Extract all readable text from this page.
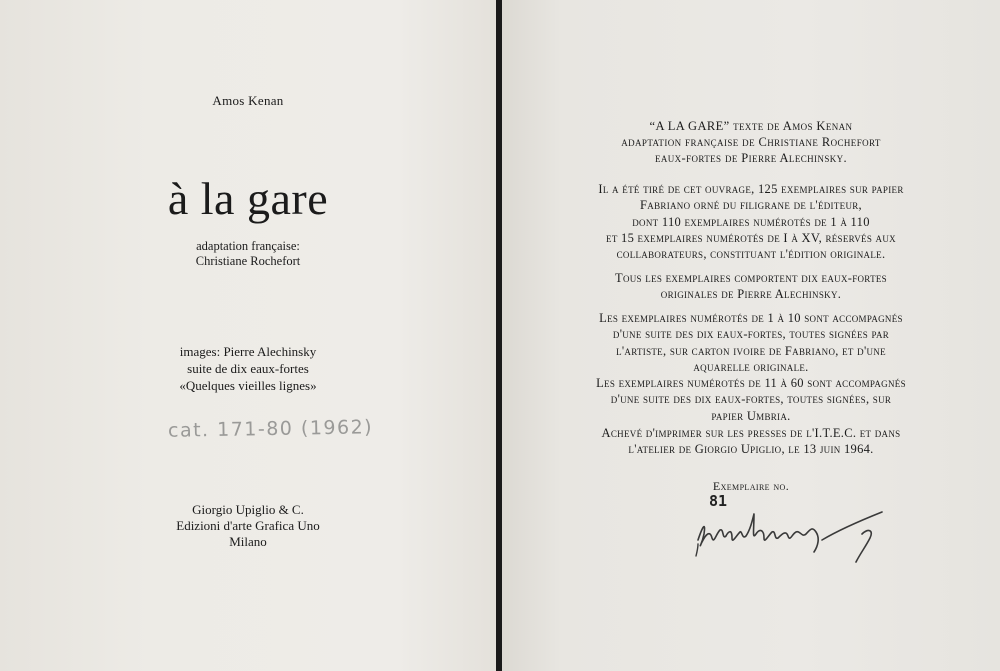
Amos Kenan
à la gare
adaptation française:
Christiane Rochefort
images: Pierre Alechinsky
suite de dix eaux-fortes
«Quelques vieilles lignes»
cat. 171-80 (1962)
Giorgio Upiglio & C.
Edizioni d'arte Grafica Uno
Milano
“A LA GARE” texte de Amos Kenan
adaptation française de Christiane Rochefort
eaux-fortes de Pierre Alechinsky.
Il a été tiré de cet ouvrage, 125 exemplaires sur papier
Fabriano orné du filigrane de l'éditeur,
dont 110 exemplaires numérotés de 1 à 110
et 15 exemplaires numérotés de I à XV, réservés aux
collaborateurs, constituant l'édition originale.
Tous les exemplaires comportent dix eaux-fortes
originales de Pierre Alechinsky.
Les exemplaires numérotés de 1 à 10 sont accompagnés
d'une suite des dix eaux-fortes, toutes signées par
l'artiste, sur carton ivoire de Fabriano, et d'une
aquarelle originale.
Les exemplaires numérotés de 11 à 60 sont accompagnés
d'une suite des dix eaux-fortes, toutes signées, sur
papier Umbria.
Achevé d'imprimer sur les presses de l'I.T.E.C. et dans
l'atelier de Giorgio Upiglio, le 13 juin 1964.
Exemplaire no.
81
